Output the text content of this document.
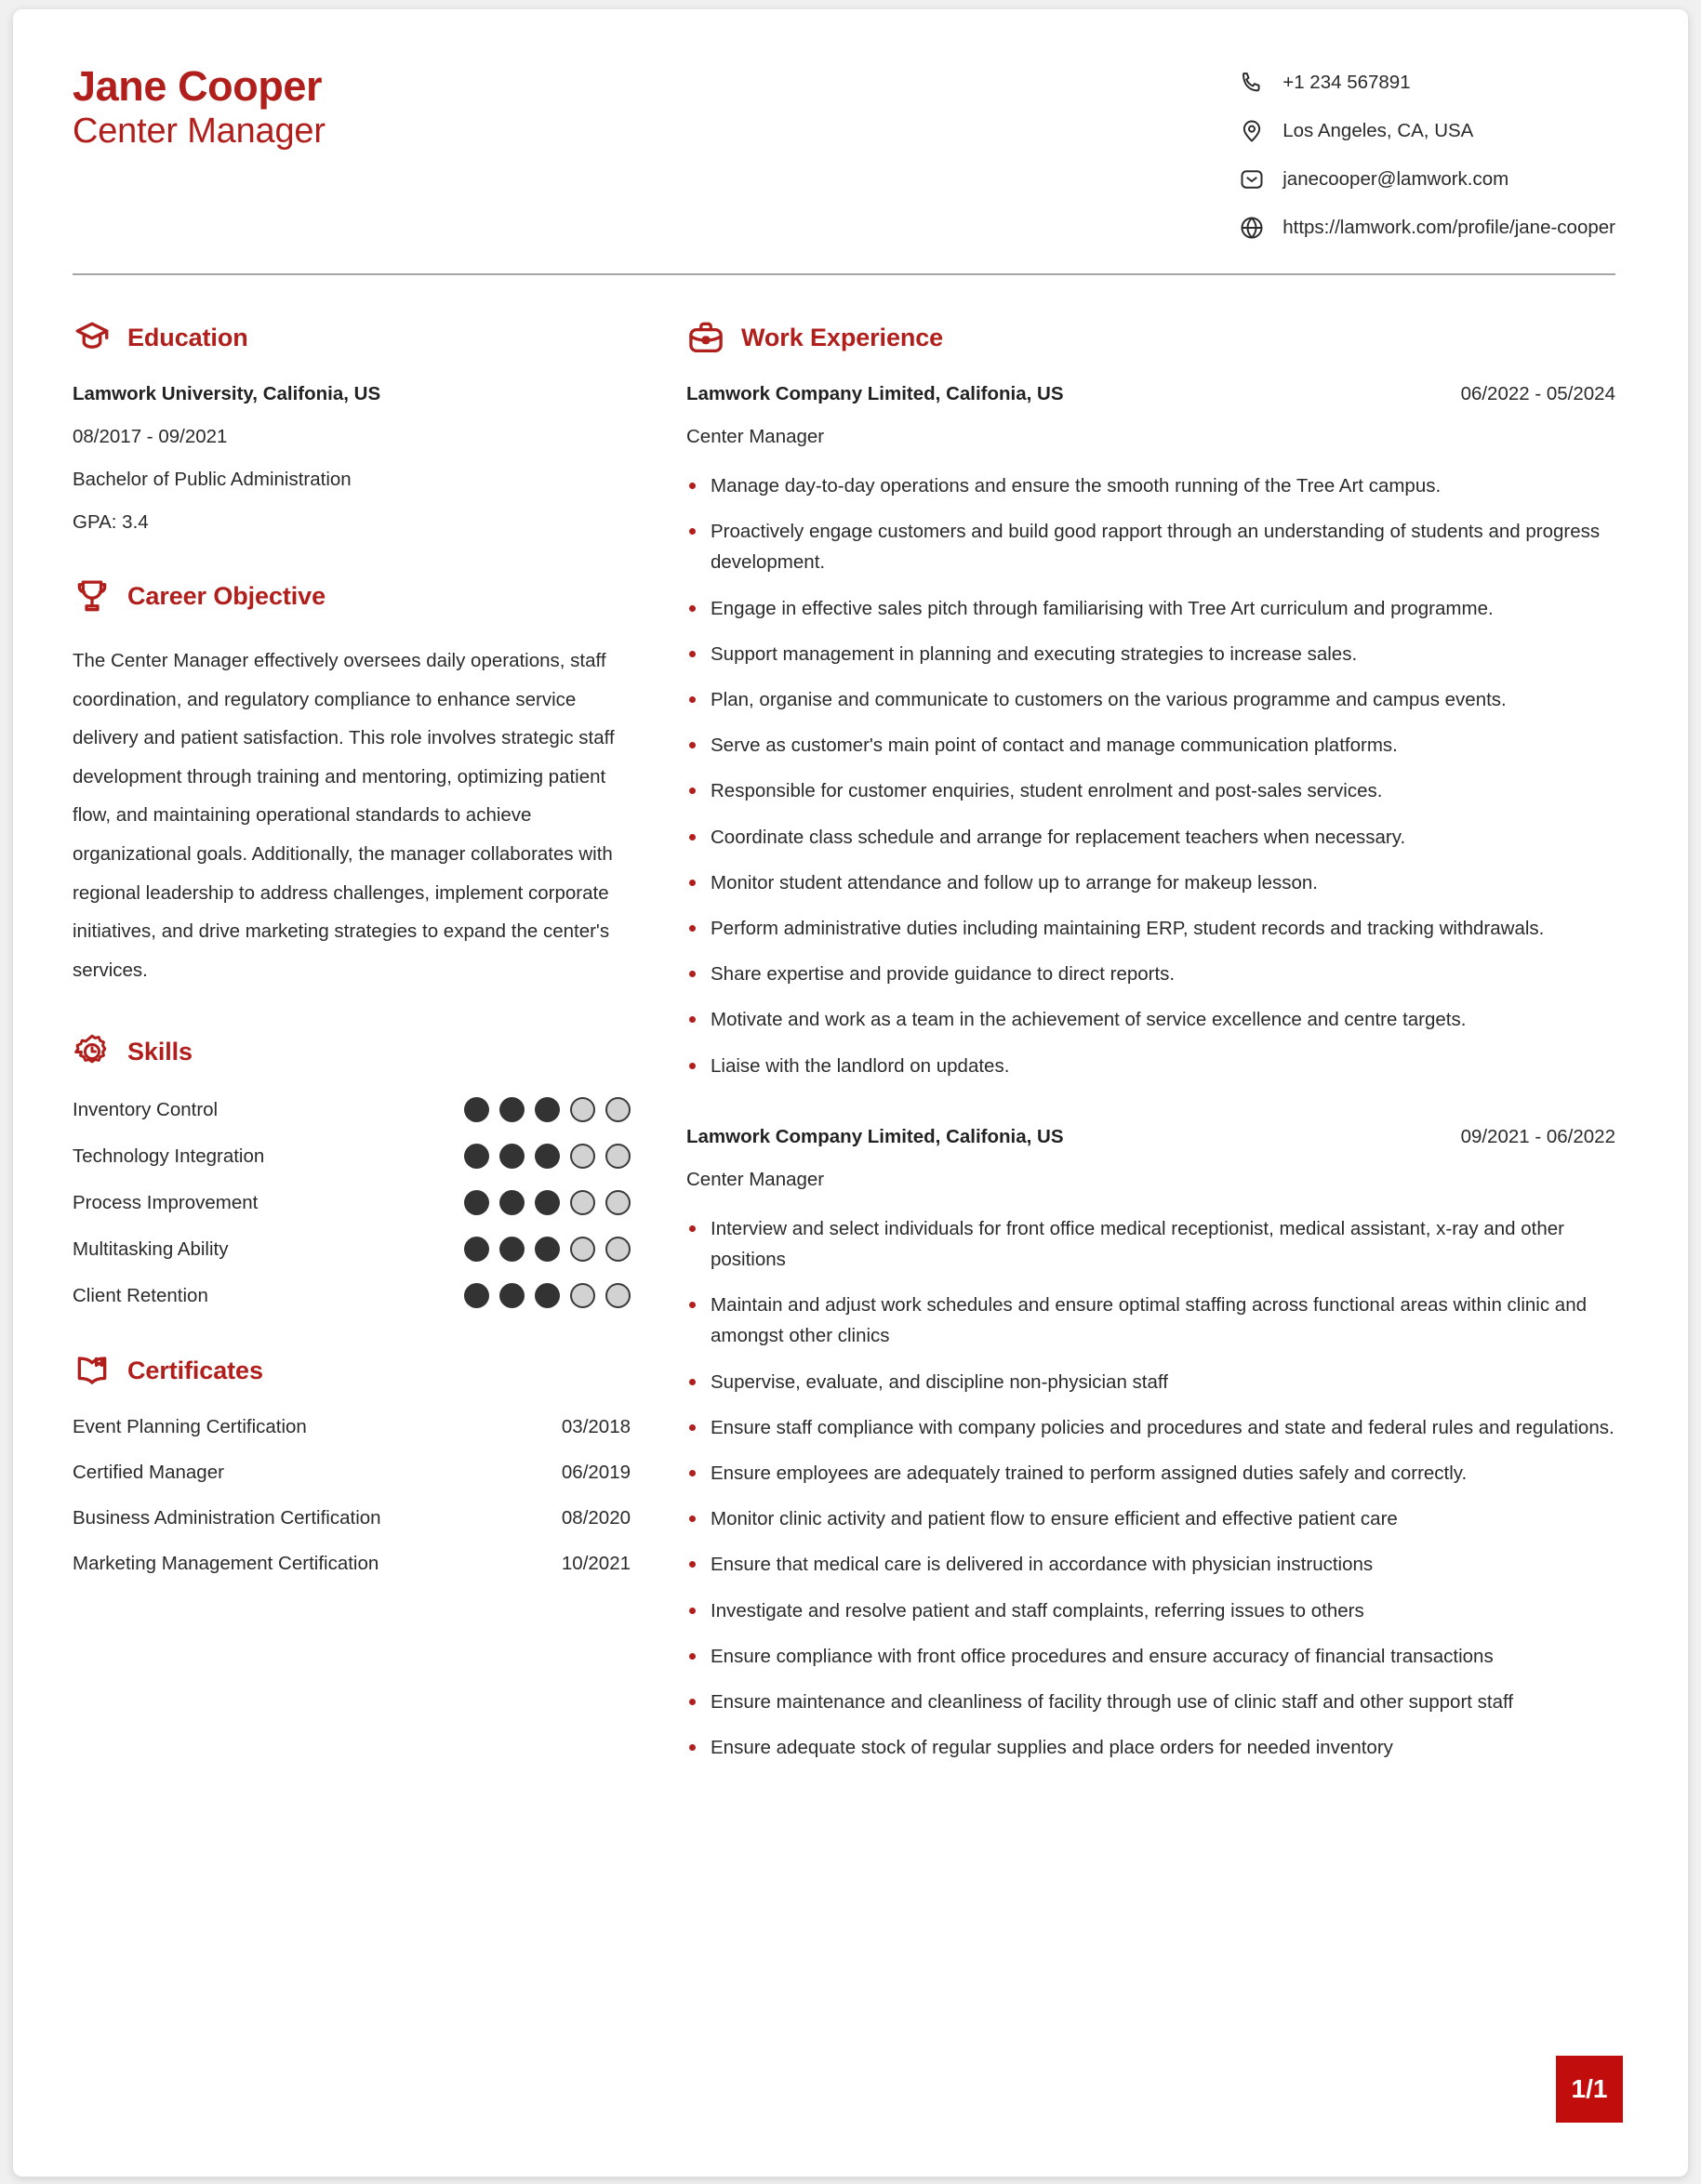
Jane Cooper
Center Manager
+1 234 567891
Los Angeles, CA, USA
janecooper@lamwork.com
https://lamwork.com/profile/jane-cooper
Education
Lamwork University, Califonia, US
08/2017 - 09/2021
Bachelor of Public Administration
GPA: 3.4
Career Objective
The Center Manager effectively oversees daily operations, staff coordination, and regulatory compliance to enhance service delivery and patient satisfaction. This role involves strategic staff development through training and mentoring, optimizing patient flow, and maintaining operational standards to achieve organizational goals. Additionally, the manager collaborates with regional leadership to address challenges, implement corporate initiatives, and drive marketing strategies to expand the center's services.
Skills
Inventory Control
Technology Integration
Process Improvement
Multitasking Ability
Client Retention
Certificates
Event Planning Certification	03/2018
Certified Manager	06/2019
Business Administration Certification	08/2020
Marketing Management Certification	10/2021
Work Experience
Lamwork Company Limited, Califonia, US	06/2022 - 05/2024
Center Manager
Manage day-to-day operations and ensure the smooth running of the Tree Art campus.
Proactively engage customers and build good rapport through an understanding of students and progress development.
Engage in effective sales pitch through familiarising with Tree Art curriculum and programme.
Support management in planning and executing strategies to increase sales.
Plan, organise and communicate to customers on the various programme and campus events.
Serve as customer's main point of contact and manage communication platforms.
Responsible for customer enquiries, student enrolment and post-sales services.
Coordinate class schedule and arrange for replacement teachers when necessary.
Monitor student attendance and follow up to arrange for makeup lesson.
Perform administrative duties including maintaining ERP, student records and tracking withdrawals.
Share expertise and provide guidance to direct reports.
Motivate and work as a team in the achievement of service excellence and centre targets.
Liaise with the landlord on updates.
Lamwork Company Limited, Califonia, US	09/2021 - 06/2022
Center Manager
Interview and select individuals for front office medical receptionist, medical assistant, x-ray and other positions
Maintain and adjust work schedules and ensure optimal staffing across functional areas within clinic and amongst other clinics
Supervise, evaluate, and discipline non-physician staff
Ensure staff compliance with company policies and procedures and state and federal rules and regulations.
Ensure employees are adequately trained to perform assigned duties safely and correctly.
Monitor clinic activity and patient flow to ensure efficient and effective patient care
Ensure that medical care is delivered in accordance with physician instructions
Investigate and resolve patient and staff complaints, referring issues to others
Ensure compliance with front office procedures and ensure accuracy of financial transactions
Ensure maintenance and cleanliness of facility through use of clinic staff and other support staff
Ensure adequate stock of regular supplies and place orders for needed inventory
1/1
